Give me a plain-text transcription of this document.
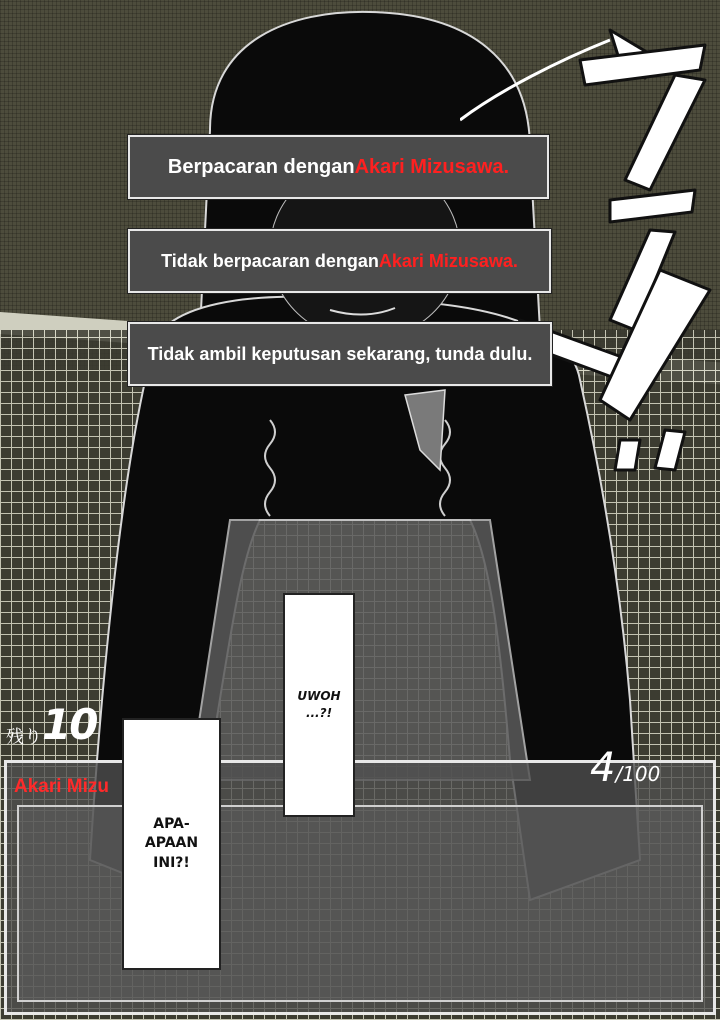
Berpacaran dengan Akari Mizusawa.
Tidak berpacaran dengan Akari Mizusawa.
Tidak ambil keputusan sekarang, tunda dulu.
残り10
Akari Mizu	4/100
UWOH
...?!
APA-
APAAN
INI?!
